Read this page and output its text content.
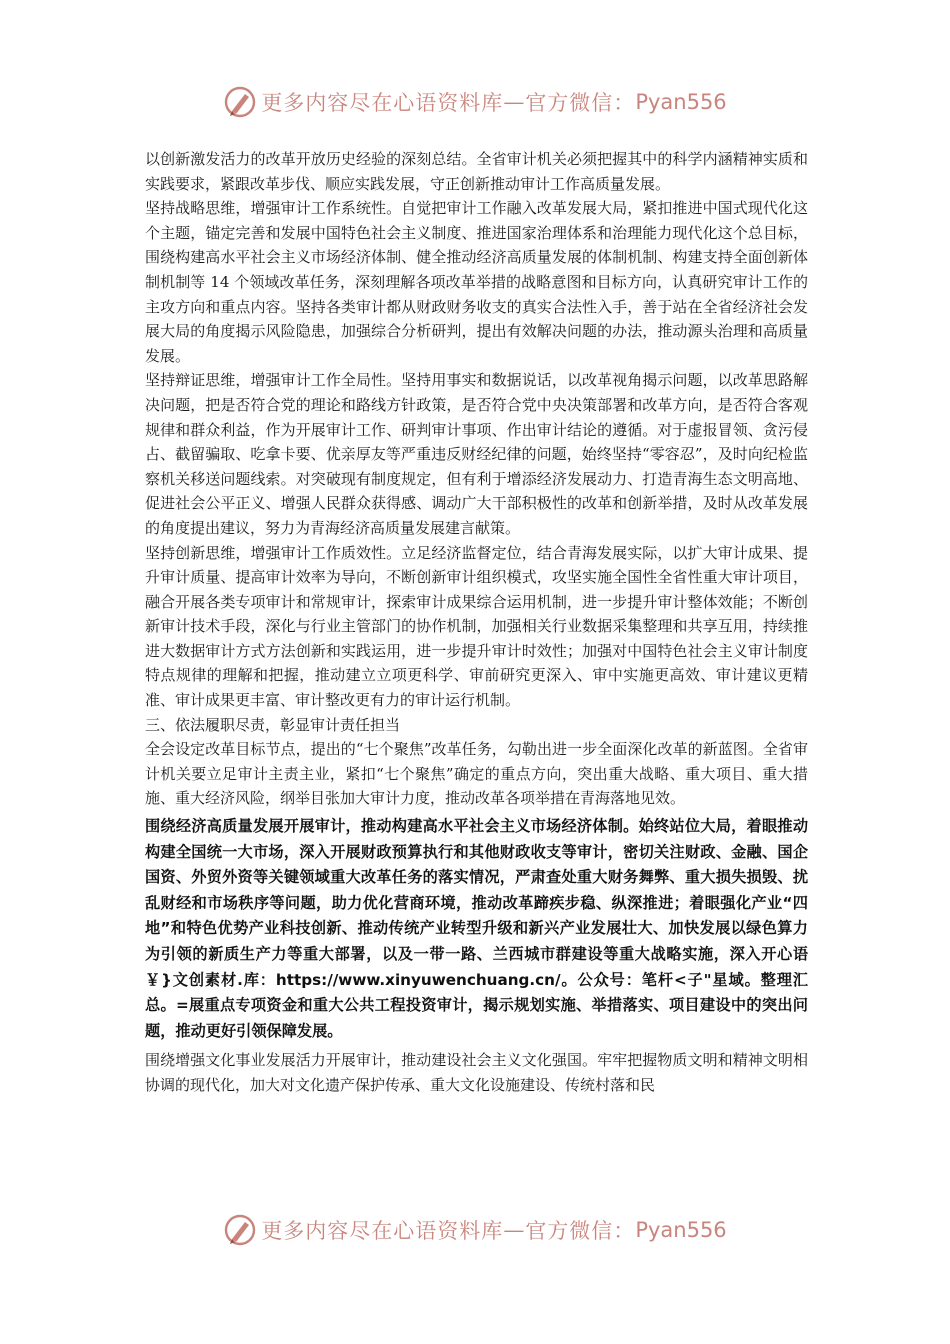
更多内容尽在心语资料库 — 官方微信： Pyan556

以创新激发活力的改革开放历史经验的深刻总结。全省审计机关必须把握其中的科学内涵精神实质和实践要求，紧跟改革步伐、顺应实践发展，守正创新推动审计工作高质量发展。

坚持战略思维，增强审计工作系统性。自觉把审计工作融入改革发展大局，紧扣推进中国式现代化这个主题，锚定完善和发展中国特色社会主义制度、推进国家治理体系和治理能力现代化这个总目标，围绕构建高水平社会主义市场经济体制、健全推动经济高质量发展的体制机制、构建支持全面创新体制机制等 14 个领域改革任务，深刻理解各项改革举措的战略意图和目标方向，认真研究审计工作的主攻方向和重点内容。坚持各类审计都从财政财务收支的真实合法性入手，善于站在全省经济社会发展大局的角度揭示风险隐患，加强综合分析研判，提出有效解决问题的办法，推动源头治理和高质量发展。

坚持辩证思维，增强审计工作全局性。坚持用事实和数据说话，以改革视角揭示问题，以改革思路解决问题，把是否符合党的理论和路线方针政策，是否符合党中央决策部署和改革方向，是否符合客观规律和群众利益，作为开展审计工作、研判审计事项、作出审计结论的遵循。对于虚报冒领、贪污侵占、截留骗取、吃拿卡要、优亲厚友等严重违反财经纪律的问题，始终坚持“零容忍”，及时向纪检监察机关移送问题线索。对突破现有制度规定，但有利于增添经济发展动力、打造青海生态文明高地、促进社会公平正义、增强人民群众获得感、调动广大干部积极性的改革和创新举措，及时从改革发展的角度提出建议，努力为青海经济高质量发展建言献策。

坚持创新思维，增强审计工作质效性。立足经济监督定位，结合青海发展实际，以扩大审计成果、提升审计质量、提高审计效率为导向，不断创新审计组织模式，攻坚实施全国性全省性重大审计项目，融合开展各类专项审计和常规审计，探索审计成果综合运用机制，进一步提升审计整体效能；不断创新审计技术手段，深化与行业主管部门的协作机制，加强相关行业数据采集整理和共享互用，持续推进大数据审计方式方法创新和实践运用，进一步提升审计时效性；加强对中国特色社会主义审计制度特点规律的理解和把握，推动建立立项更科学、审前研究更深入、审中实施更高效、审计建议更精准、审计成果更丰富、审计整改更有力的审计运行机制。

三、依法履职尽责，彰显审计责任担当

全会设定改革目标节点，提出的“七个聚焦”改革任务，勾勒出进一步全面深化改革的新蓝图。全省审计机关要立足审计主责主业，紧扣“七个聚焦”确定的重点方向，突出重大战略、重大项目、重大措施、重大经济风险，纲举目张加大审计力度，推动改革各项举措在青海落地见效。

围绕经济高质量发展开展审计，推动构建高水平社会主义市场经济体制。始终站位大局，着眼推动构建全国统一大市场，深入开展财政预算执行和其他财政收支等审计，密切关注财政、金融、国企国资、外贸外资等关键领域重大改革任务的落实情况，严肃查处重大财务舞弊、重大损失损毁、扰乱财经和市场秩序等问题，助力优化营商环境，推动改革蹄疾步稳、纵深推进；着眼强化产业“四地”和特色优势产业科技创新、推动传统产业转型升级和新兴产业发展壮大、加快发展以绿色算力为引领的新质生产力等重大部署，以及一带一路、兰西城市群建设等重大战略实施，深入开心语￥}文创素材.库：https://www.xinyuwenchuang.cn/。公众号：笔杆<子"星域。整理汇总。=展重点专项资金和重大公共工程投资审计，揭示规划实施、举措落实、项目建设中的突出问题，推动更好引领保障发展。

围绕增强文化事业发展活力开展审计，推动建设社会主义文化强国。牢牢把握物质文明和精神文明相协调的现代化，加大对文化遗产保护传承、重大文化设施建设、传统村落和民

更多内容尽在心语资料库 — 官方微信： Pyan556
